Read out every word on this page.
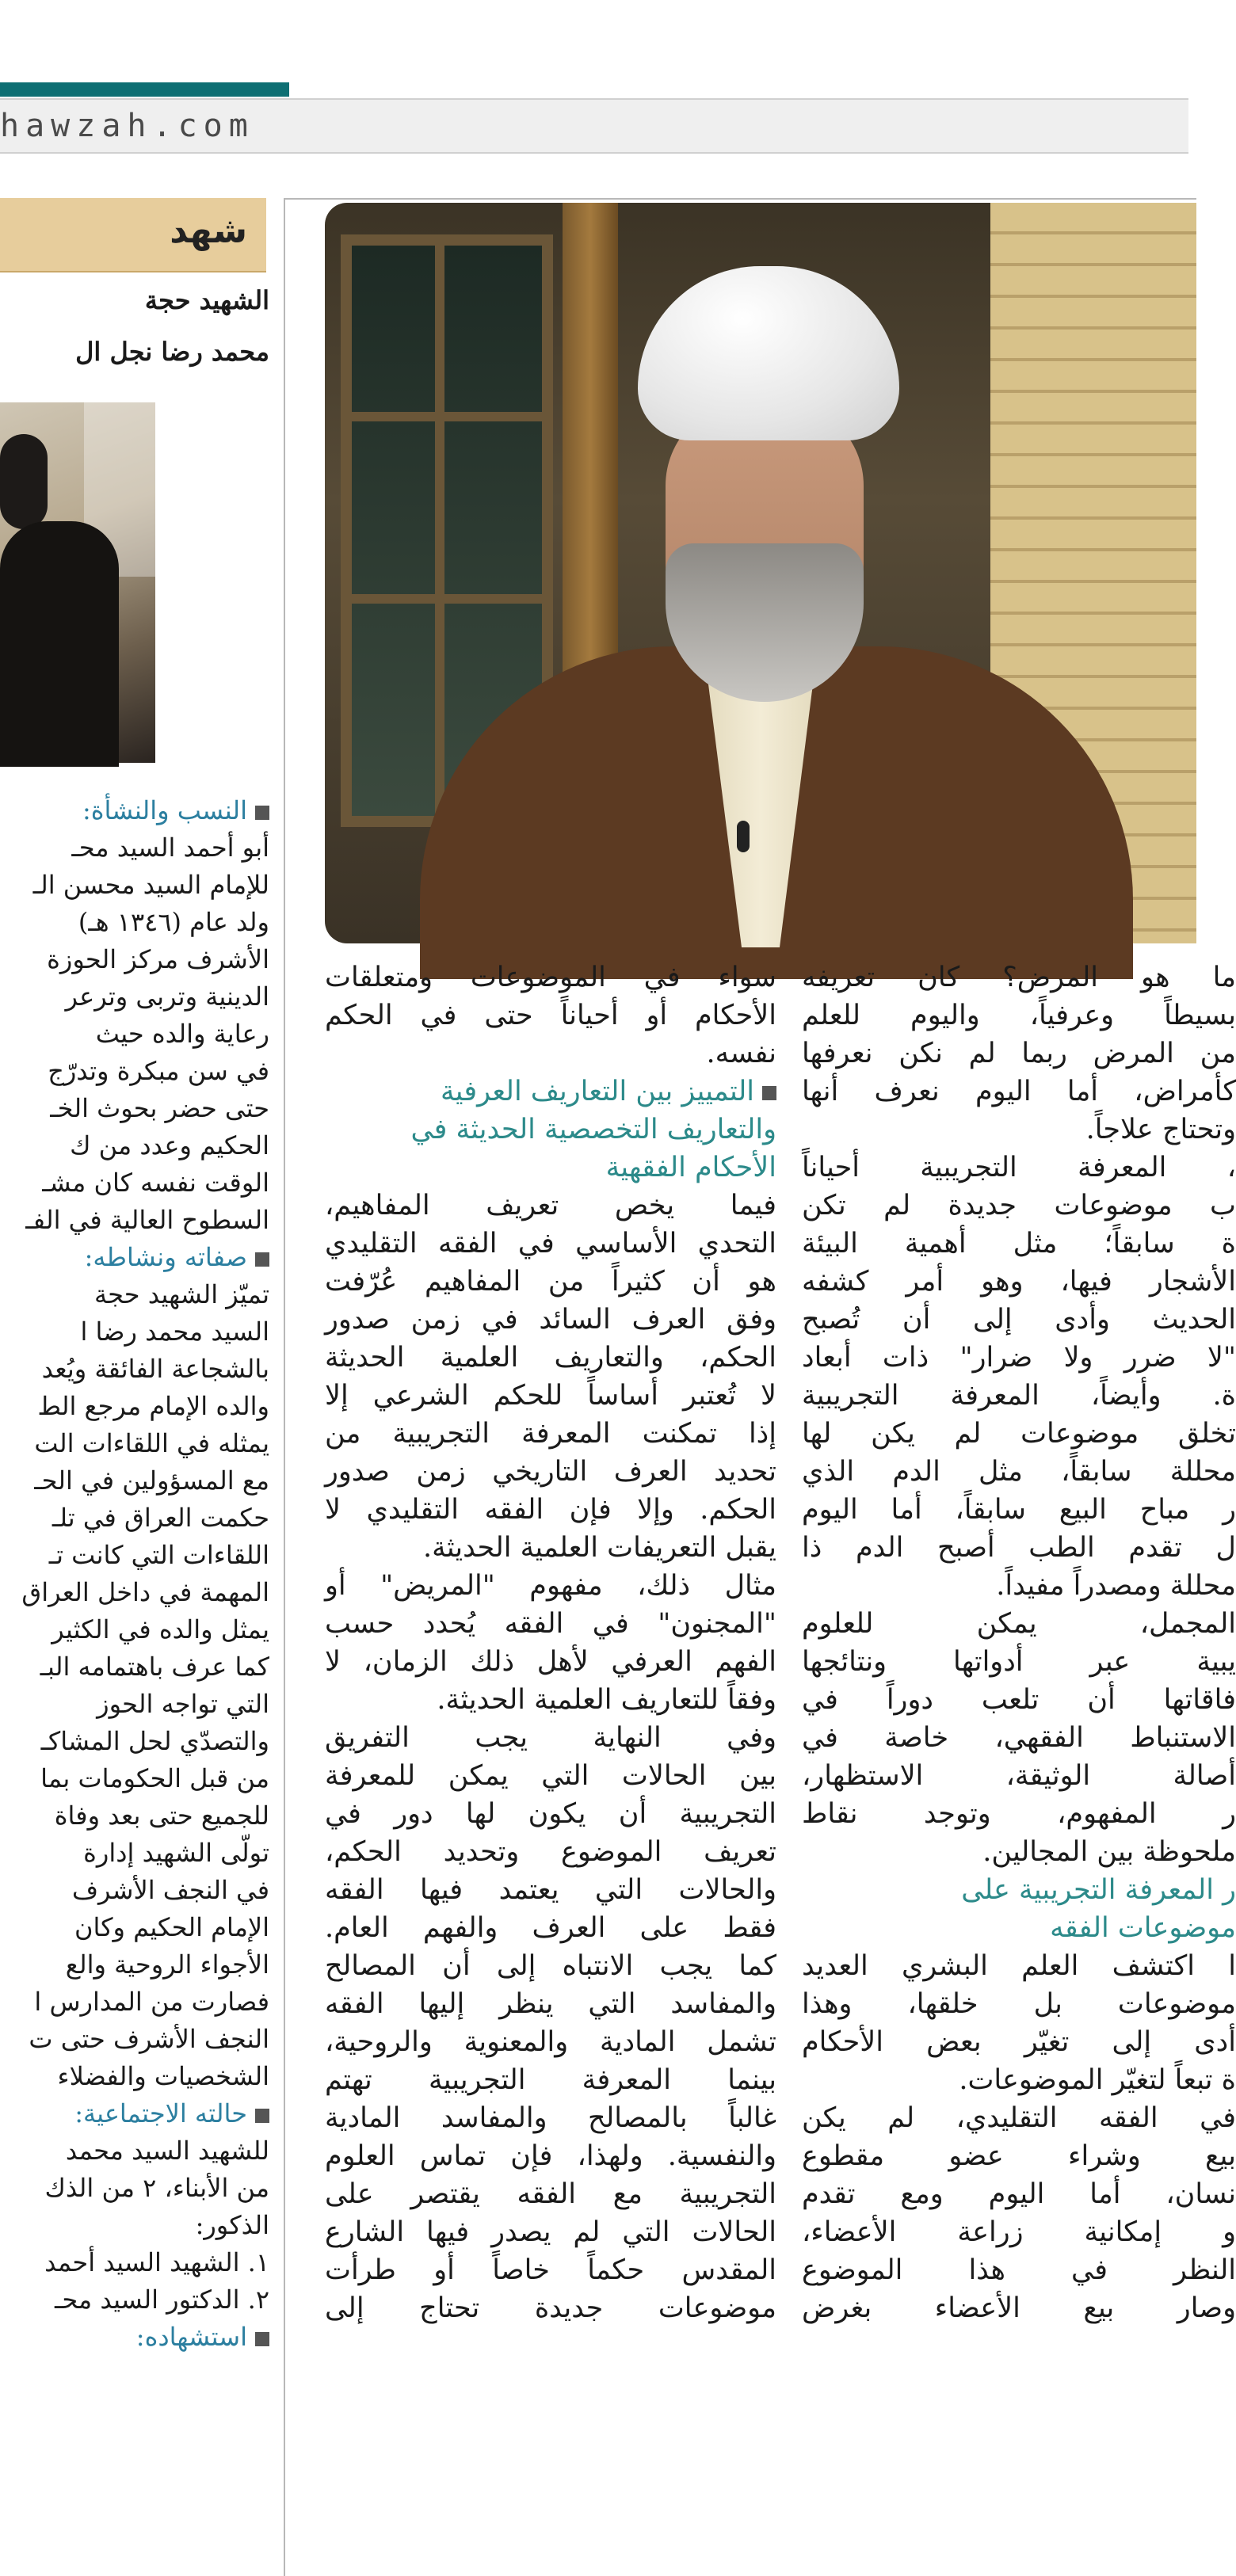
hawzah.com
شهد
الشهيد حجة
محمد رضا نجل ال
النسب والنشأة:
أبو أحمد السيد محـ
للإمام السيد محسن الـ
ولد عام (١٣٤٦ هـ)
الأشرف مركز الحوزة
الدينية وتربى وترعر
رعاية والده‌‌ حيث
في سن مبكرة وتدرّج
حتى حضر بحوث الخـ
الحكيم‌ وعدد من ك
الوقت نفسه كان مشـ
السطوح العالية في الفـ
صفاته ونشاطه:
تميّز الشهيد حجة
السيد محمد رضا ا
بالشجاعة الفائقة ويُعد
والده الإمام مرجع الط
يمثله في اللقاءات الت
مع المسؤولين في الحـ
حكمت العراق في تلـ
اللقاءات التي كانت تـ
المهمة في داخل العراق
يمثل والده في الكثير
كما عرف باهتمامه البـ
التي تواجه الحوز
والتصدّي لحل المشاكـ
من قبل الحكومات بما
للجميع حتى بعد وفاة
تولّى الشهيد إدارة
في النجف الأشرف
الإمام الحكيم‌ وكان
الأجواء الروحية والع
فصارت من المدارس ا
النجف الأشرف حتى ت
الشخصيات والفضلاء
حالته الاجتماعية:
للشهيد السيد محمد
من الأبناء، ٢ من الذك
الذكور:
١. الشهيد السيد أحمد
٢. الدكتور السيد محـ
استشهاده:
سواء في الموضوعات ومتعلقات
الأحكام أو أحياناً حتى في الحكم
نفسه.
التمييز بين التعاريف العرفية
والتعاريف التخصصية الحديثة في
الأحكام الفقهية
فيما يخص تعريف المفاهيم،
التحدي الأساسي في الفقه التقليدي
هو أن كثيراً من المفاهيم عُرّفت
وفق العرف السائد في زمن صدور
الحكم، والتعاريف العلمية الحديثة
لا تُعتبر أساساً للحكم الشرعي إلا
إذا تمكنت المعرفة التجريبية من
تحديد العرف التاريخي زمن صدور
الحكم. وإلا فإن الفقه التقليدي لا
يقبل التعريفات العلمية الحديثة.
مثال ذلك، مفهوم "المريض" أو
"المجنون" في الفقه يُحدد حسب
الفهم العرفي لأهل ذلك الزمان، لا
وفقاً للتعاريف العلمية الحديثة.
وفي النهاية يجب التفريق
بين الحالات التي يمكن للمعرفة
التجريبية أن يكون لها دور في
تعريف الموضوع وتحديد الحكم،
والحالات التي يعتمد فيها الفقه
فقط على العرف والفهم العام.
كما يجب الانتباه إلى أن المصالح
والمفاسد التي ينظر إليها الفقه
تشمل المادية والمعنوية والروحية،
بينما المعرفة التجريبية تهتم
غالباً بالمصالح والمفاسد المادية
والنفسية. ولهذا، فإن تماس العلوم
التجريبية مع الفقه يقتصر على
الحالات التي لم يصدر فيها الشارع
المقدس حكماً خاصاً أو طرأت
موضوعات جديدة تحتاج إلى
ما هو المرض؟ كان تعريفه
بسيطاً وعرفياً، واليوم للعلم
من المرض ربما لم نكن نعرفها
كأمراض، أما اليوم نعرف أنها
وتحتاج علاجاً.
، المعرفة التجريبية أحياناً
ب موضوعات جديدة لم تكن
ة سابقاً؛ مثل أهمية البيئة
الأشجار فيها، وهو أمر كشفه
الحديث وأدى إلى أن تُصبح
"لا ضرر ولا ضرار" ذات أبعاد
ة. وأيضاً، المعرفة التجريبية
تخلق موضوعات لم يكن لها
محللة سابقاً، مثل الدم الذي
ر مباح البيع سابقاً، أما اليوم
ل تقدم الطب أصبح الدم ذا
محللة ومصدراً مفيداً.
المجمل، يمكن للعلوم
يبية عبر أدواتها ونتائجها
فاقاتها أن تلعب دوراً في
الاستنباط الفقهي، خاصة في
أصالة الوثيقة، الاستظهار،
ر المفهوم، وتوجد نقاط
ملحوظة بين المجالين.
ر المعرفة التجريبية على
موضوعات الفقه
ا اكتشف العلم البشري العديد
موضوعات بل خلقها، وهذا
أدى إلى تغيّر بعض الأحكام
ة تبعاً لتغيّر الموضوعات.
في الفقه التقليدي، لم يكن
بيع وشراء عضو مقطوع
نسان، أما اليوم ومع تقدم
و إمكانية زراعة الأعضاء،
النظر في هذا الموضوع
وصار بيع الأعضاء بغرض
